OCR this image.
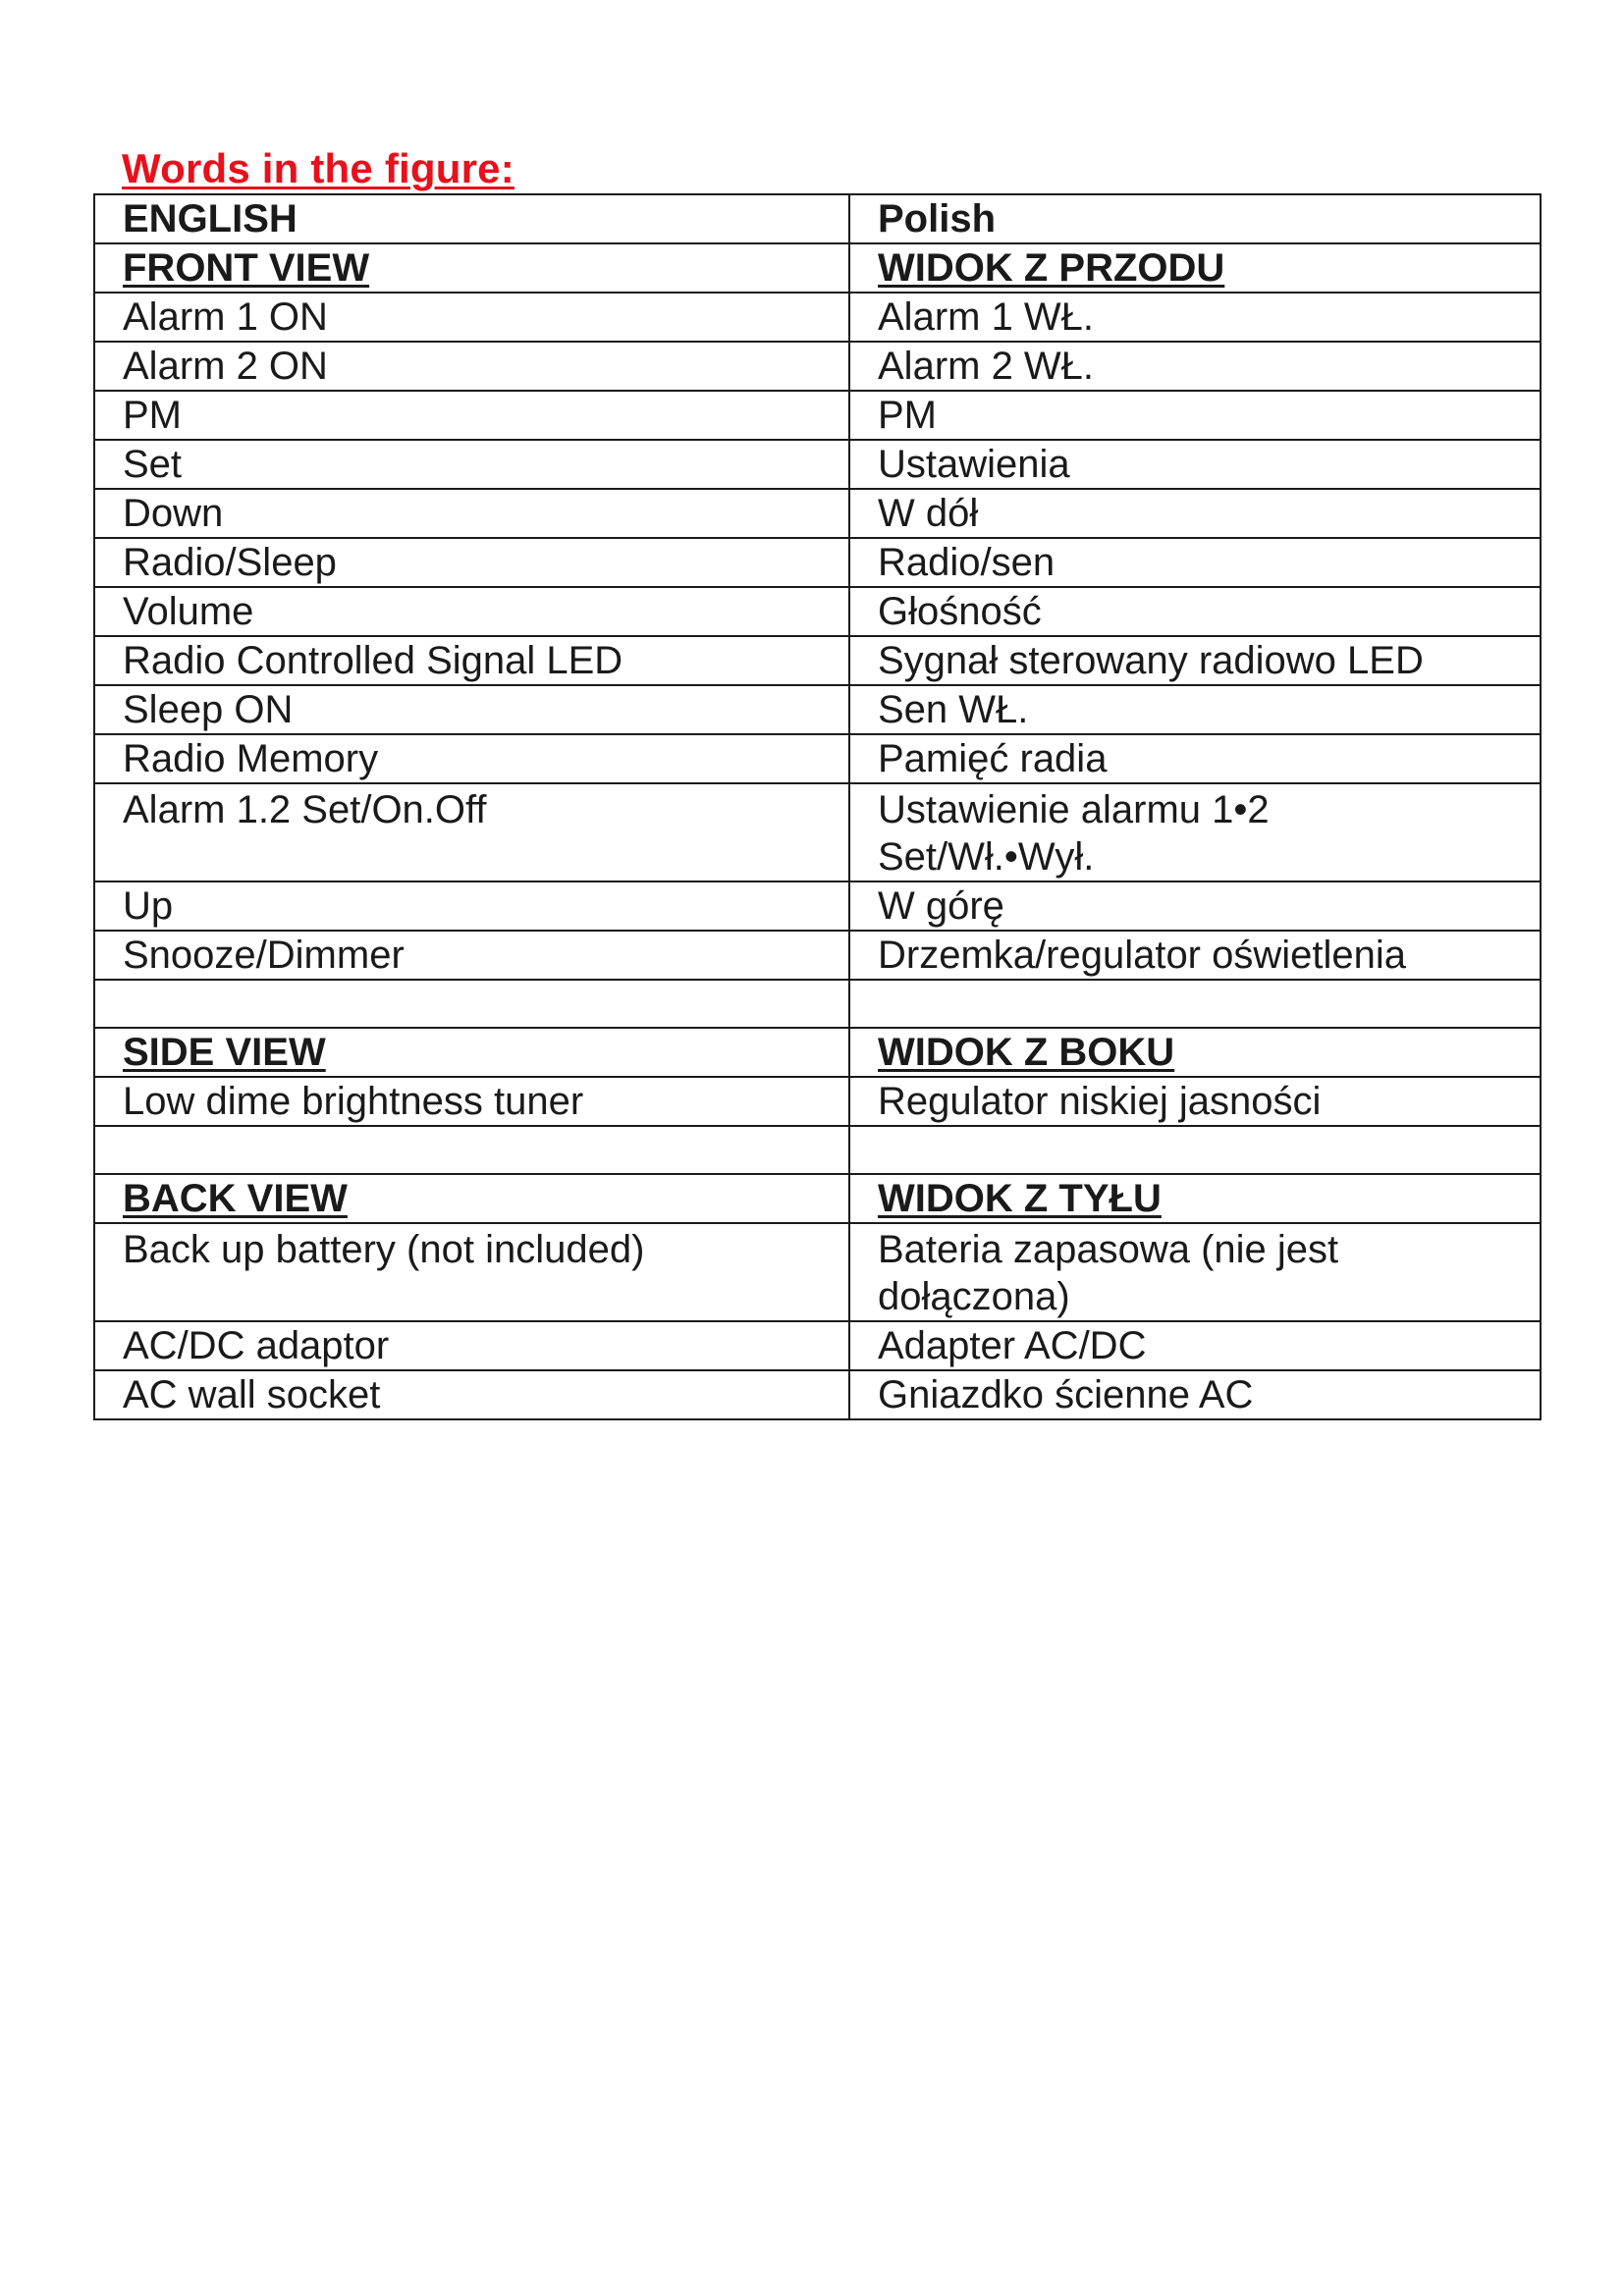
Words in the figure:
ENGLISH	Polish
FRONT VIEW	WIDOK Z PRZODU
Alarm 1 ON	Alarm 1 WŁ.
Alarm 2 ON	Alarm 2 WŁ.
PM	PM
Set	Ustawienia
Down	W dół
Radio/Sleep	Radio/sen
Volume	Głośność
Radio Controlled Signal LED	Sygnał sterowany radiowo LED
Sleep ON	Sen WŁ.
Radio Memory	Pamięć radia
Alarm 1.2 Set/On.Off	Ustawienie alarmu 1•2
Set/Wł.•Wył.
Up	W górę
Snooze/Dimmer	Drzemka/regulator oświetlenia

SIDE VIEW	WIDOK Z BOKU
Low dime brightness tuner	Regulator niskiej jasności

BACK VIEW	WIDOK Z TYŁU
Back up battery (not included)	Bateria zapasowa (nie jest
dołączona)
AC/DC adaptor	Adapter AC/DC
AC wall socket	Gniazdko ścienne AC
